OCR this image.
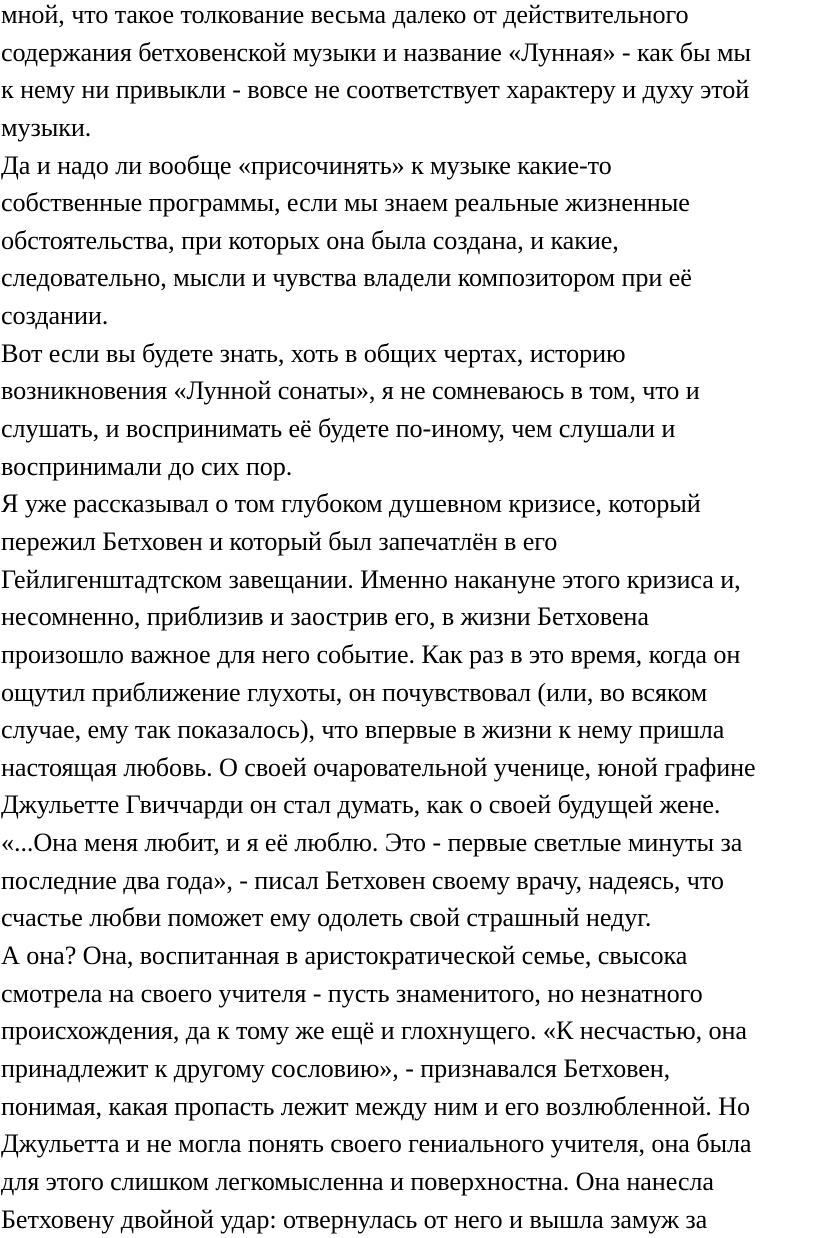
мной, что такое толкование весьма далеко от действительного
содержания бетховенской музыки и название «Лунная» - как бы мы
к нему ни привыкли - вовсе не соответствует характеру и духу этой
музыки.
Да и надо ли вообще «присочинять» к музыке какие-то
собственные программы, если мы знаем реальные жизненные
обстоятельства, при которых она была создана, и какие,
следовательно, мысли и чувства владели композитором при её
создании.
Вот если вы будете знать, хоть в общих чертах, историю
возникновения «Лунной сонаты», я не сомневаюсь в том, что и
слушать, и воспринимать её будете по-иному, чем слушали и
воспринимали до сих пор.
Я уже рассказывал о том глубоком душевном кризисе, который
пережил Бетховен и который был запечатлён в его
Гейлигенштадтском завещании. Именно накануне этого кризиса и,
несомненно, приблизив и заострив его, в жизни Бетховена
произошло важное для него событие. Как раз в это время, когда он
ощутил приближение глухоты, он почувствовал (или, во всяком
случае, ему так показалось), что впервые в жизни к нему пришла
настоящая любовь. О своей очаровательной ученице, юной графине
Джульетте Гвиччарди он стал думать, как о своей будущей жене.
«...Она меня любит, и я её люблю. Это - первые светлые минуты за
последние два года», - писал Бетховен своему врачу, надеясь, что
счастье любви поможет ему одолеть свой страшный недуг.
А она? Она, воспитанная в аристократической семье, свысока
смотрела на своего учителя - пусть знаменитого, но незнатного
происхождения, да к тому же ещё и глохнущего. «К несчастью, она
принадлежит к другому сословию», - признавался Бетховен,
понимая, какая пропасть лежит между ним и его возлюбленной. Но
Джульетта и не могла понять своего гениального учителя, она была
для этого слишком легкомысленна и поверхностна. Она нанесла
Бетховену двойной удар: отвернулась от него и вышла замуж за
